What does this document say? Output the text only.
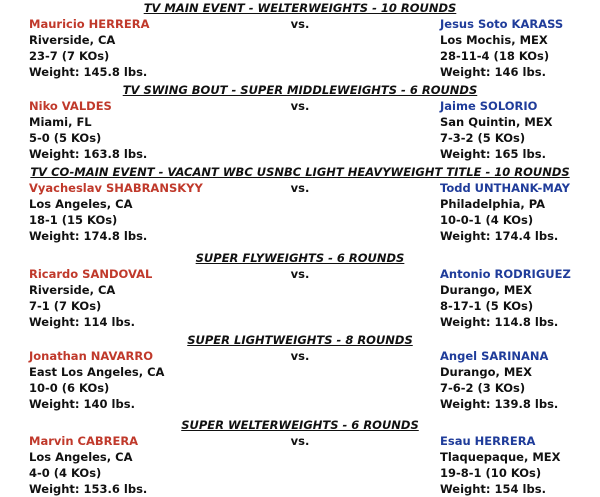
TV MAIN EVENT - WELTERWEIGHTS - 10 ROUNDS
vs.
Mauricio HERRERA
Riverside, CA
23-7 (7 KOs)
Weight: 145.8 lbs.
Jesus Soto KARASS
Los Mochis, MEX
28-11-4 (18 KOs)
Weight: 146 lbs.
TV SWING BOUT - SUPER MIDDLEWEIGHTS - 6 ROUNDS
vs.
Niko VALDES
Miami, FL
5-0 (5 KOs)
Weight: 163.8 lbs.
Jaime SOLORIO
San Quintin, MEX
7-3-2 (5 KOs)
Weight: 165 lbs.
TV CO-MAIN EVENT - VACANT WBC USNBC LIGHT HEAVYWEIGHT TITLE - 10 ROUNDS
vs.
Vyacheslav SHABRANSKYY
Los Angeles, CA
18-1 (15 KOs)
Weight: 174.8 lbs.
Todd UNTHANK-MAY
Philadelphia, PA
10-0-1 (4 KOs)
Weight: 174.4 lbs.
SUPER FLYWEIGHTS - 6 ROUNDS
vs.
Ricardo SANDOVAL
Riverside, CA
7-1 (7 KOs)
Weight: 114 lbs.
Antonio RODRIGUEZ
Durango, MEX
8-17-1 (5 KOs)
Weight: 114.8 lbs.
SUPER LIGHTWEIGHTS - 8 ROUNDS
vs.
Jonathan NAVARRO
East Los Angeles, CA
10-0 (6 KOs)
Weight: 140 lbs.
Angel SARINANA
Durango, MEX
7-6-2 (3 KOs)
Weight: 139.8 lbs.
SUPER WELTERWEIGHTS - 6 ROUNDS
vs.
Marvin CABRERA
Los Angeles, CA
4-0 (4 KOs)
Weight: 153.6 lbs.
Esau HERRERA
Tlaquepaque, MEX
19-8-1 (10 KOs)
Weight: 154 lbs.
